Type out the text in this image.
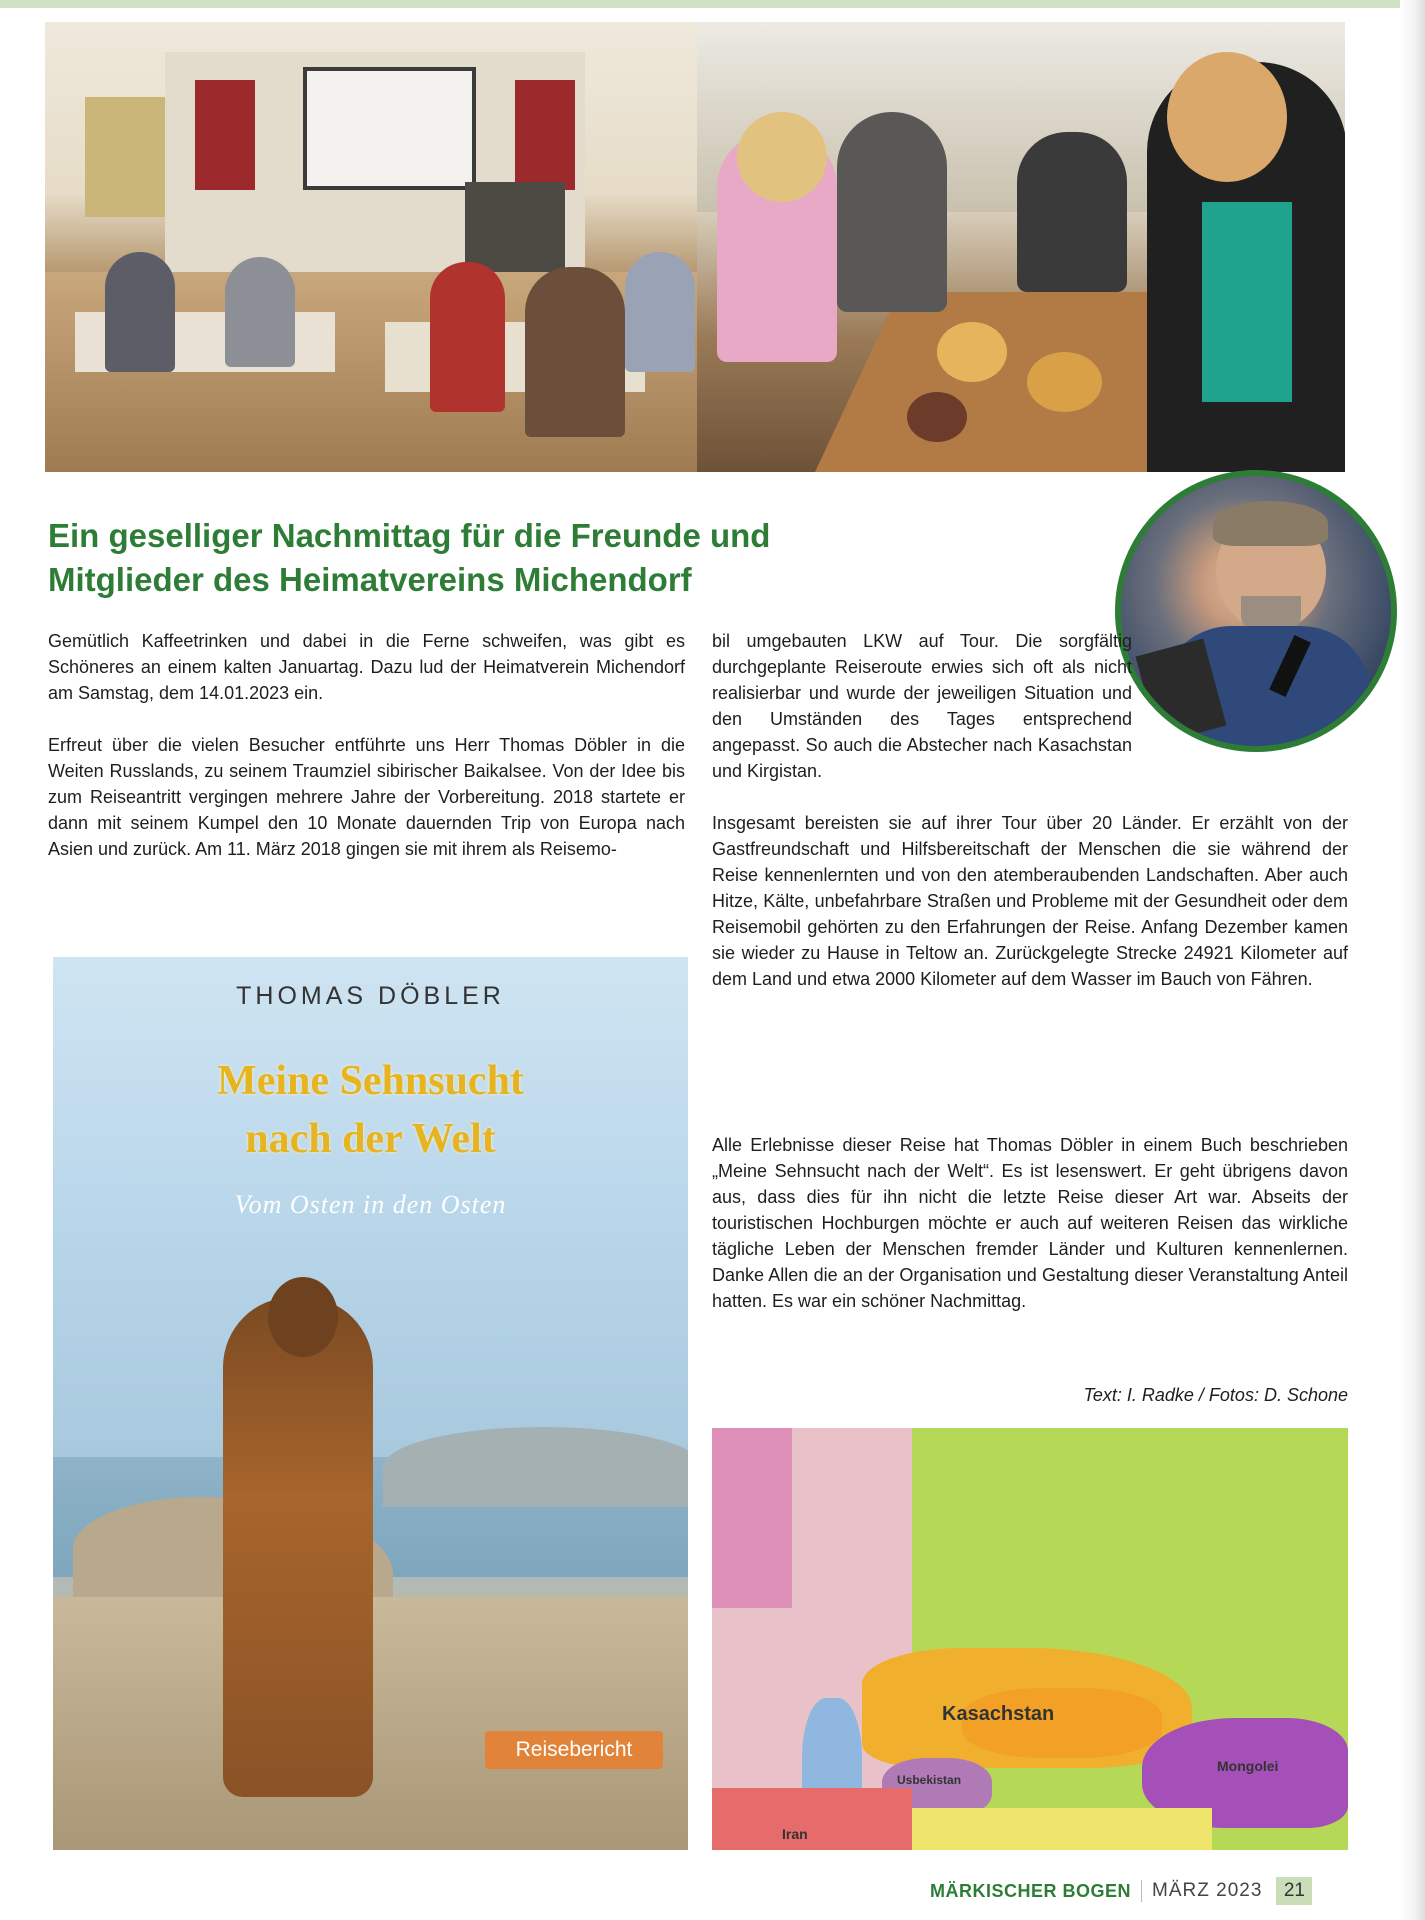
Ein geselliger Nachmittag für die Freunde und
Mitglieder des Heimatvereins Michendorf

Gemütlich Kaffeetrinken und dabei in die Ferne schweifen, was gibt es Schöneres an einem kalten Januartag. Dazu lud der Heimatverein Michendorf am Samstag, dem 14.01.2023 ein.

Erfreut über die vielen Besucher entführte uns Herr Thomas Döbler in die Weiten Russlands, zu seinem Traumziel sibirischer Baikalsee. Von der Idee bis zum Reiseantritt vergingen mehrere Jahre der Vorbereitung. 2018 startete er dann mit seinem Kumpel den 10 Monate dauernden Trip von Europa nach Asien und zurück. Am 11. März 2018 gingen sie mit ihrem als Reisemo-

bil umgebauten LKW auf Tour. Die sorgfältig durchgeplante Reiseroute erwies sich oft als nicht realisierbar und wurde der jeweiligen Situation und den Umständen des Tages entsprechend angepasst. So auch die Abstecher nach Kasachstan und Kirgistan.

Insgesamt bereisten sie auf ihrer Tour über 20 Länder. Er erzählt von der Gastfreundschaft und Hilfsbereitschaft der Menschen die sie während der Reise kennenlernten und von den atemberaubenden Landschaften. Aber auch Hitze, Kälte, unbefahrbare Straßen und Probleme mit der Gesundheit oder dem Reisemobil gehörten zu den Erfahrungen der Reise. Anfang Dezember kamen sie wieder zu Hause in Teltow an. Zurückgelegte Strecke 24921 Kilometer auf dem Land und etwa 2000 Kilometer auf dem Wasser im Bauch von Fähren.

Alle Erlebnisse dieser Reise hat Thomas Döbler in einem Buch beschrieben „Meine Sehnsucht nach der Welt“. Es ist lesenswert. Er geht übrigens davon aus, dass dies für ihn nicht die letzte Reise dieser Art war. Abseits der touristischen Hochburgen möchte er auch auf weiteren Reisen das wirkliche tägliche Leben der Menschen fremder Länder und Kulturen kennenlernen. Danke Allen die an der Organisation und Gestaltung dieser Veranstaltung Anteil hatten. Es war ein schöner Nachmittag.

Text: I. Radke / Fotos: D. Schone
THOMAS DÖBLER
Meine Sehnsucht
nach der Welt
Vom Osten in den Osten
Reisebericht
Kasachstan
Mongolei
Usbekistan
Iran
MÄRKISCHER BOGEN MÄRZ 2023	21
